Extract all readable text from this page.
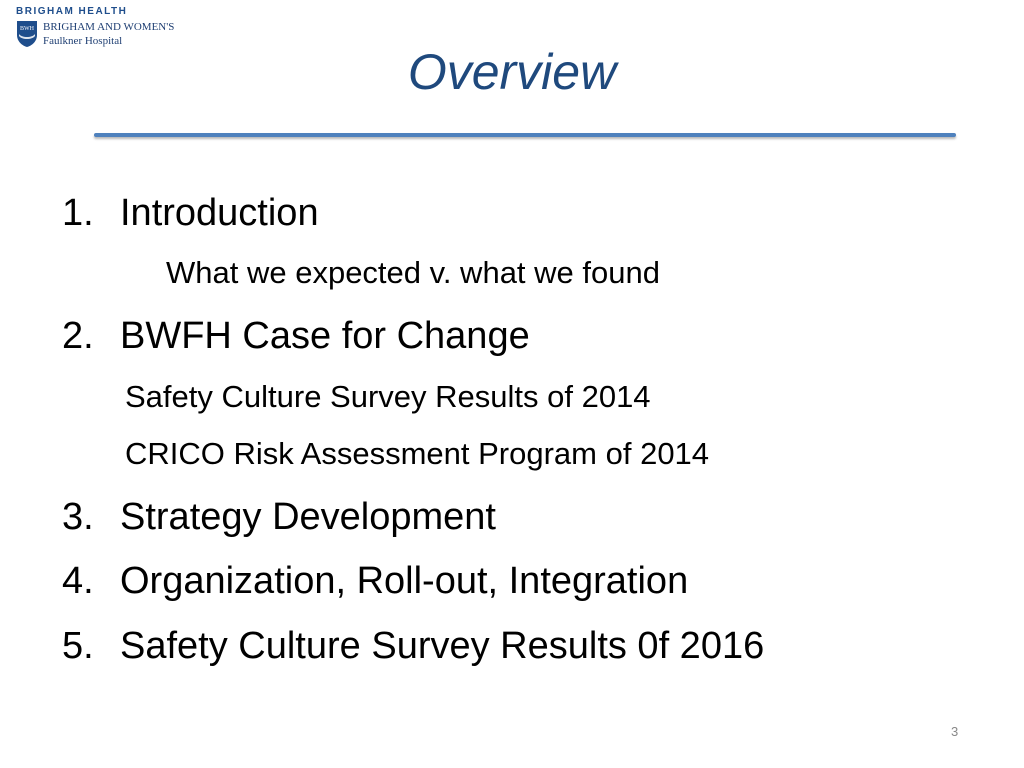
BRIGHAM HEALTH
BWH BRIGHAM AND WOMEN'S
Faulkner Hospital
Overview
1. Introduction
What we expected v. what we found
2. BWFH Case for Change
Safety Culture Survey Results of 2014
CRICO Risk Assessment Program of 2014
3. Strategy Development
4. Organization, Roll-out, Integration
5. Safety Culture Survey Results 0f 2016
3
